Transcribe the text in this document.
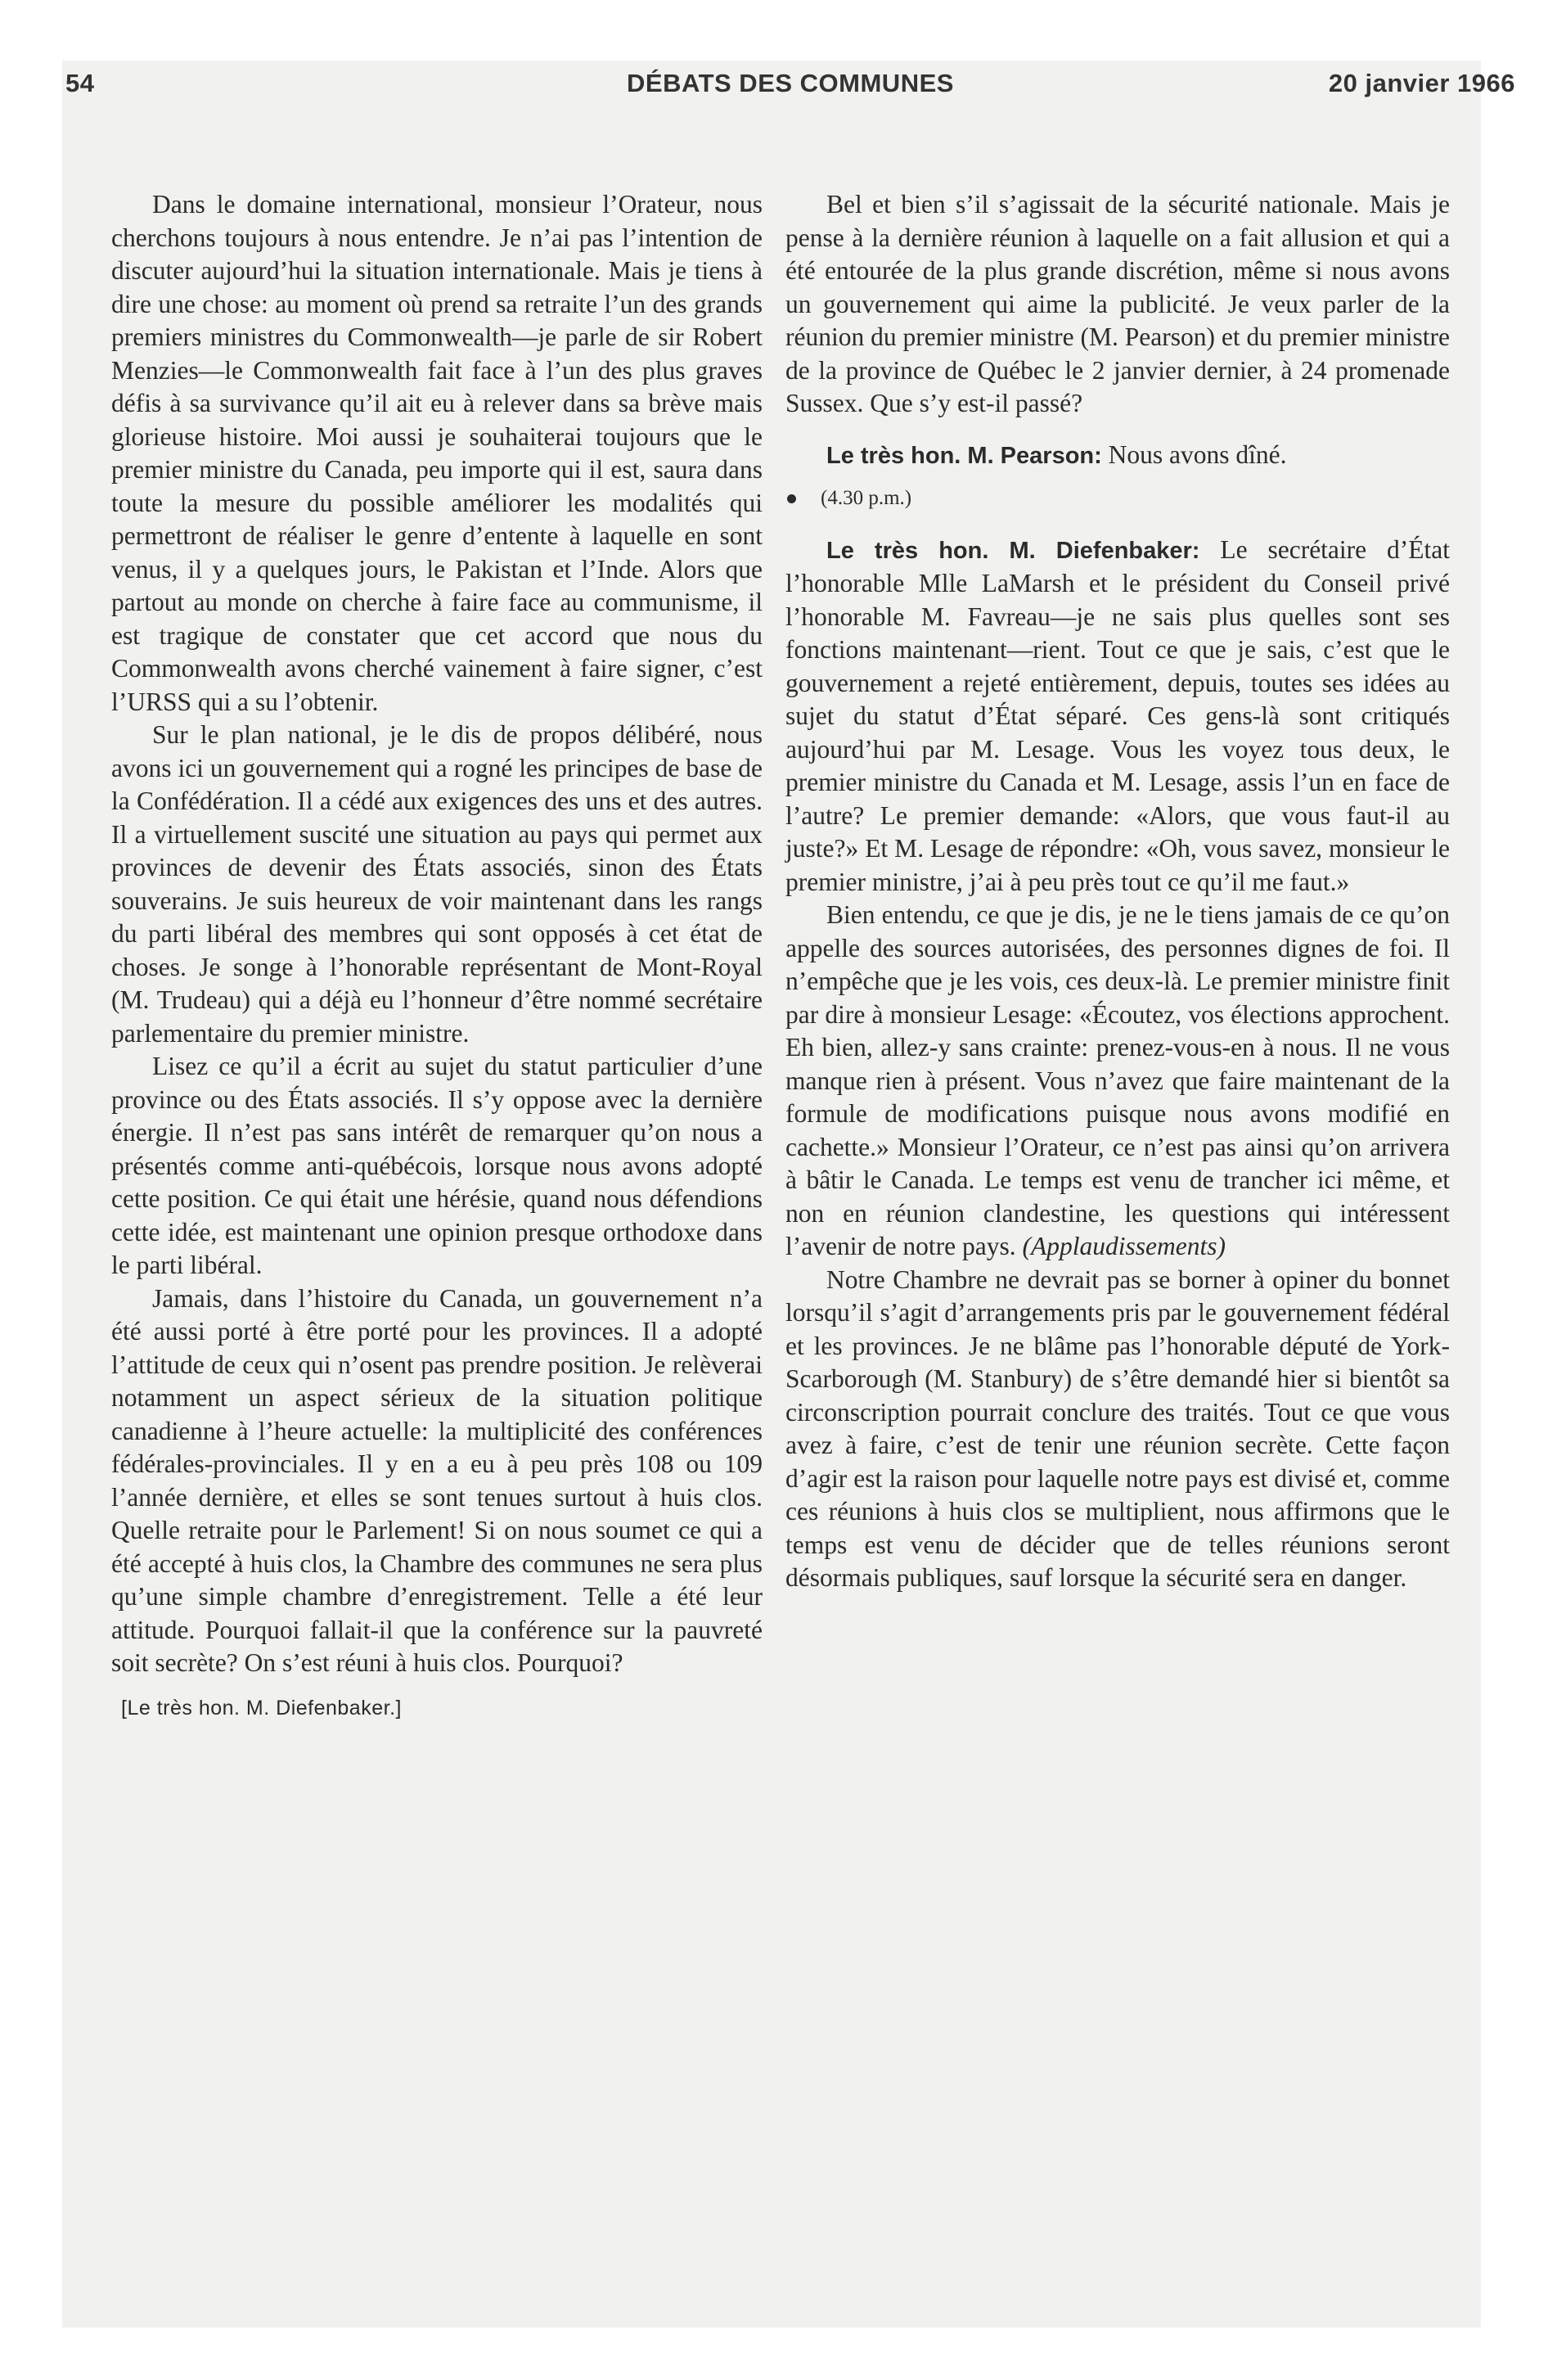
54	DÉBATS DES COMMUNES	20 janvier 1966

Dans le domaine international, monsieur l’Orateur, nous cherchons toujours à nous entendre. Je n’ai pas l’intention de discuter aujourd’hui la situation internationale. Mais je tiens à dire une chose: au moment où prend sa retraite l’un des grands premiers ministres du Commonwealth—je parle de sir Robert Menzies—le Commonwealth fait face à l’un des plus graves défis à sa survivance qu’il ait eu à relever dans sa brève mais glorieuse histoire. Moi aussi je souhaiterai toujours que le premier ministre du Canada, peu importe qui il est, saura dans toute la mesure du possible améliorer les modalités qui permettront de réaliser le genre d’entente à laquelle en sont venus, il y a quelques jours, le Pakistan et l’Inde. Alors que partout au monde on cherche à faire face au communisme, il est tragique de constater que cet accord que nous du Commonwealth avons cherché vainement à faire signer, c’est l’URSS qui a su l’obtenir.

Sur le plan national, je le dis de propos délibéré, nous avons ici un gouvernement qui a rogné les principes de base de la Confédération. Il a cédé aux exigences des uns et des autres. Il a virtuellement suscité une situation au pays qui permet aux provinces de devenir des États associés, sinon des États souverains. Je suis heureux de voir maintenant dans les rangs du parti libéral des membres qui sont opposés à cet état de choses. Je songe à l’honorable représentant de Mont-Royal (M. Trudeau) qui a déjà eu l’honneur d’être nommé secrétaire parlementaire du premier ministre.

Lisez ce qu’il a écrit au sujet du statut particulier d’une province ou des États associés. Il s’y oppose avec la dernière énergie. Il n’est pas sans intérêt de remarquer qu’on nous a présentés comme anti-québécois, lorsque nous avons adopté cette position. Ce qui était une hérésie, quand nous défendions cette idée, est maintenant une opinion presque orthodoxe dans le parti libéral.

Jamais, dans l’histoire du Canada, un gouvernement n’a été aussi porté à être porté pour les provinces. Il a adopté l’attitude de ceux qui n’osent pas prendre position. Je relèverai notamment un aspect sérieux de la situation politique canadienne à l’heure actuelle: la multiplicité des conférences fédérales-provinciales. Il y en a eu à peu près 108 ou 109 l’année dernière, et elles se sont tenues surtout à huis clos. Quelle retraite pour le Parlement! Si on nous soumet ce qui a été accepté à huis clos, la Chambre des communes ne sera plus qu’une simple chambre d’enregistrement. Telle a été leur attitude. Pourquoi fallait-il que la conférence sur la pauvreté soit secrète? On s’est réuni à huis clos. Pourquoi?

[Le très hon. M. Diefenbaker.]

Bel et bien s’il s’agissait de la sécurité nationale. Mais je pense à la dernière réunion à laquelle on a fait allusion et qui a été entourée de la plus grande discrétion, même si nous avons un gouvernement qui aime la publicité. Je veux parler de la réunion du premier ministre (M. Pearson) et du premier ministre de la province de Québec le 2 janvier dernier, à 24 promenade Sussex. Que s’y est-il passé?

Le très hon. M. Pearson: Nous avons dîné.

(4.30 p.m.)

Le très hon. M. Diefenbaker: Le secrétaire d’État l’honorable Mlle LaMarsh et le président du Conseil privé l’honorable M. Favreau—je ne sais plus quelles sont ses fonctions maintenant—rient. Tout ce que je sais, c’est que le gouvernement a rejeté entièrement, depuis, toutes ses idées au sujet du statut d’État séparé. Ces gens-là sont critiqués aujourd’hui par M. Lesage. Vous les voyez tous deux, le premier ministre du Canada et M. Lesage, assis l’un en face de l’autre? Le premier demande: «Alors, que vous faut-il au juste?» Et M. Lesage de répondre: «Oh, vous savez, monsieur le premier ministre, j’ai à peu près tout ce qu’il me faut.»

Bien entendu, ce que je dis, je ne le tiens jamais de ce qu’on appelle des sources autorisées, des personnes dignes de foi. Il n’empêche que je les vois, ces deux-là. Le premier ministre finit par dire à monsieur Lesage: «Écoutez, vos élections approchent. Eh bien, allez-y sans crainte: prenez-vous-en à nous. Il ne vous manque rien à présent. Vous n’avez que faire maintenant de la formule de modifications puisque nous avons modifié en cachette.» Monsieur l’Orateur, ce n’est pas ainsi qu’on arrivera à bâtir le Canada. Le temps est venu de trancher ici même, et non en réunion clandestine, les questions qui intéressent l’avenir de notre pays. (Applaudissements)

Notre Chambre ne devrait pas se borner à opiner du bonnet lorsqu’il s’agit d’arrangements pris par le gouvernement fédéral et les provinces. Je ne blâme pas l’honorable député de York-Scarborough (M. Stanbury) de s’être demandé hier si bientôt sa circonscription pourrait conclure des traités. Tout ce que vous avez à faire, c’est de tenir une réunion secrète. Cette façon d’agir est la raison pour laquelle notre pays est divisé et, comme ces réunions à huis clos se multiplient, nous affirmons que le temps est venu de décider que de telles réunions seront désormais publiques, sauf lorsque la sécurité sera en danger.
